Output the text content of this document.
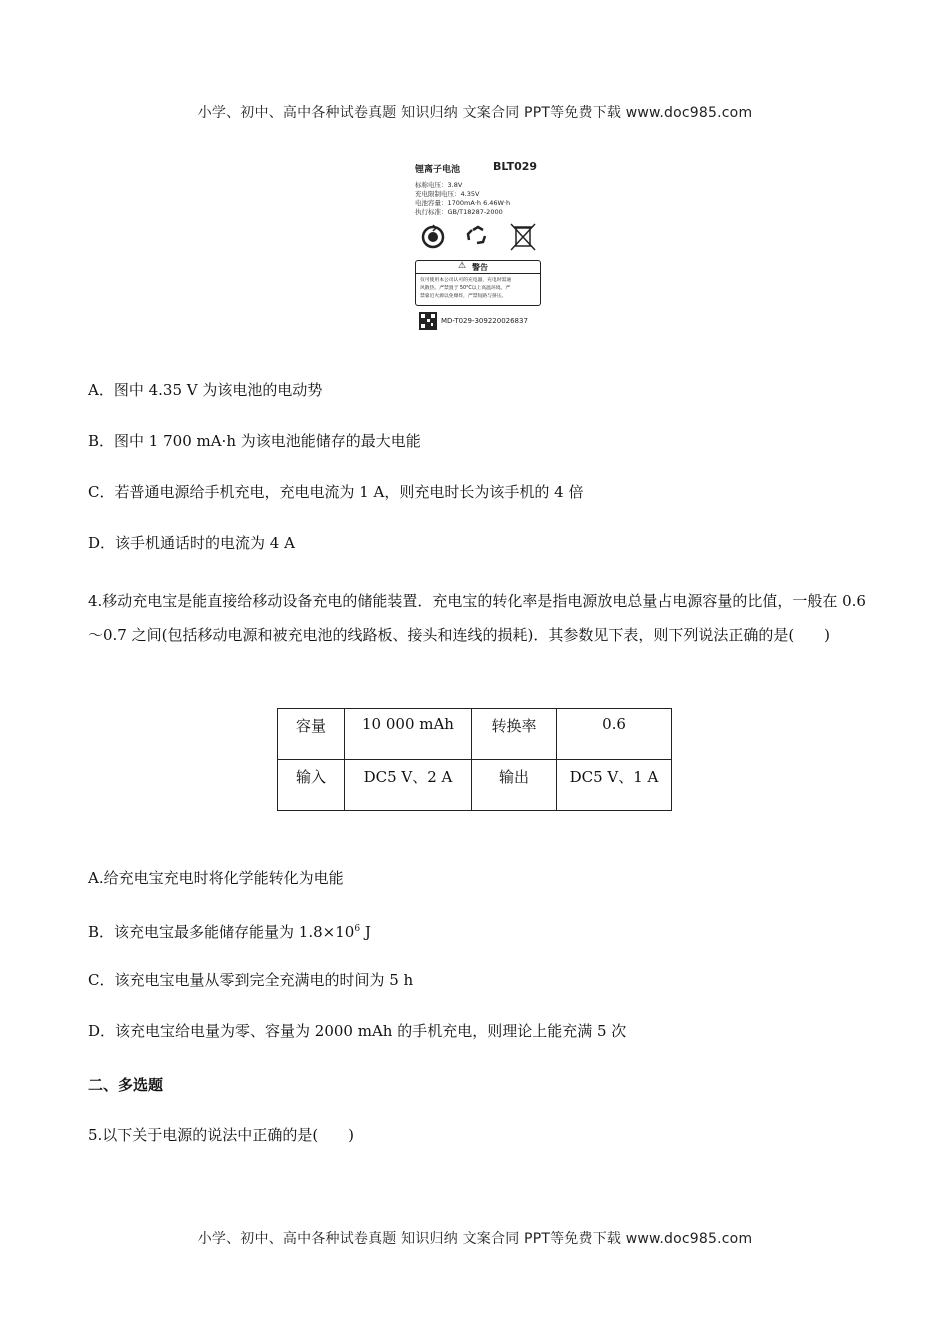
小学、初中、高中各种试卷真题 知识归纳 文案合同 PPT等免费下载 www.doc985.com
锂离子电池	BLT029
标称电压：3.8V
充电限制电压：4.35V
电池容量：1700mA·h 6.46W·h
执行标准：GB/T18287-2000
⚠ 警告
仅可使用本公司认可的充电器，充电时需通
风散热。严禁置于 50°C以上高温环境。严
禁靠近火源以免爆炸，严禁短路与挤压。
MD-T029-309220026837
A．图中 4.35 V 为该电池的电动势
B．图中 1 700 mA·h 为该电池能储存的最大电能
C．若普通电源给手机充电，充电电流为 1 A，则充电时长为该手机的 4 倍
D．该手机通话时的电流为 4 A
4.移动充电宝是能直接给移动设备充电的储能装置．充电宝的转化率是指电源放电总量占电源容量的比值，一般在 0.6～0.7 之间(包括移动电源和被充电池的线路板、接头和连线的损耗)．其参数见下表，则下列说法正确的是(　　)
容量	10 000 mAh	转换率	0.6
输入	DC5 V、2 A	输出	DC5 V、1 A
A.给充电宝充电时将化学能转化为电能
B．该充电宝最多能储存能量为 $1.8\times 10^6$ J
C．该充电宝电量从零到完全充满电的时间为 5 h
D．该充电宝给电量为零、容量为 2000 mAh 的手机充电，则理论上能充满 5 次
二、多选题
5.以下关于电源的说法中正确的是(　　)
小学、初中、高中各种试卷真题 知识归纳 文案合同 PPT等免费下载 www.doc985.com
